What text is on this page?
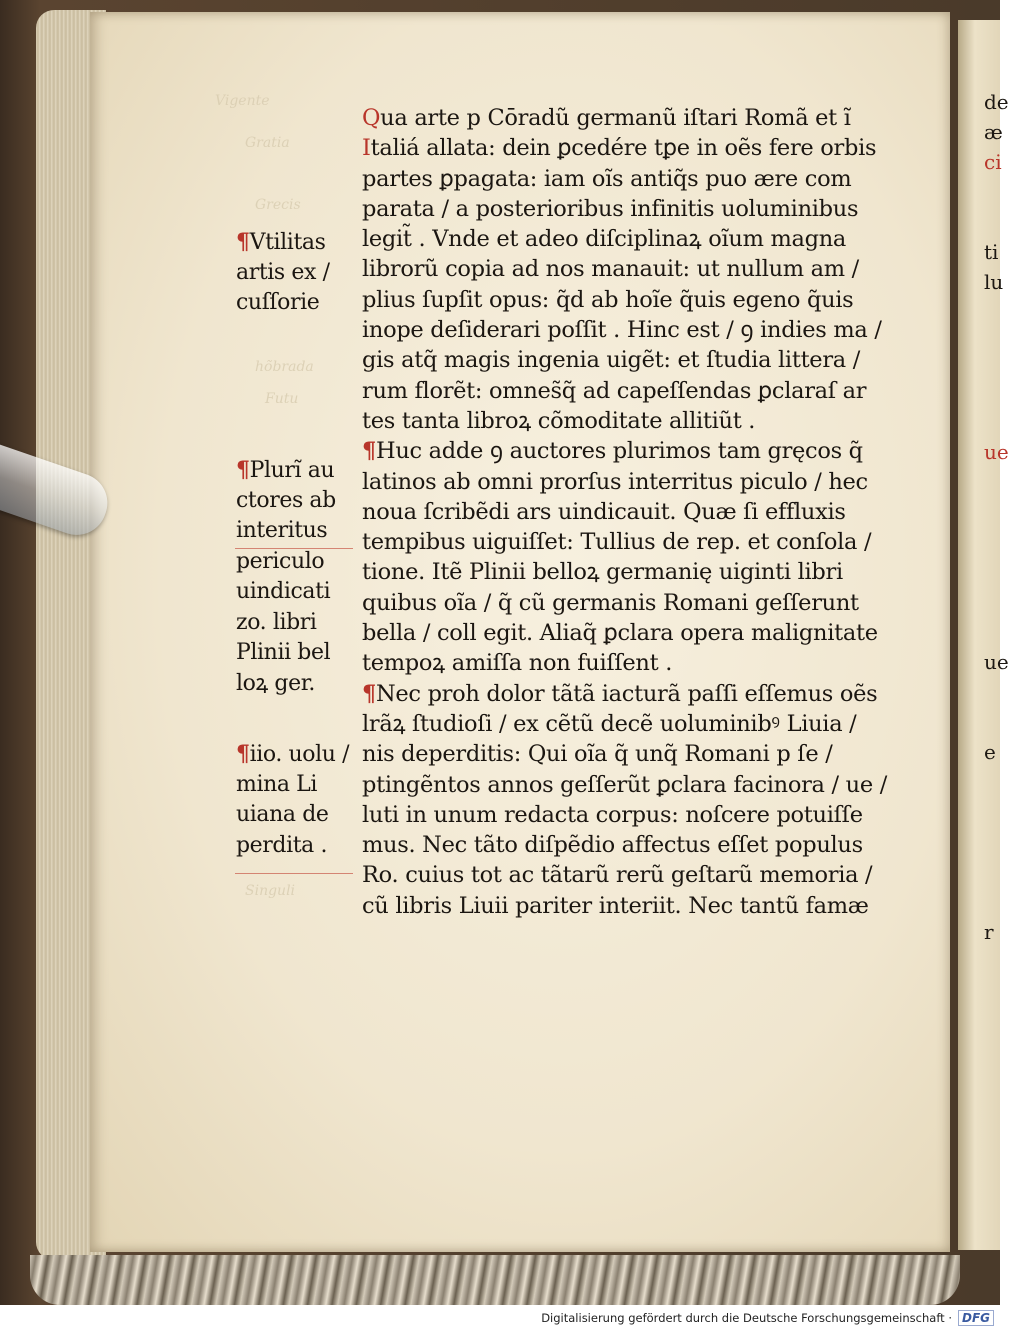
Vigente
Gratia
Grecis
hõbrada
Futu
Singuli
de
æ
ci
ti
lu
ue
ue
e
r
Qua arte p Cōradũ germanũ iſtari Romã et ĩ
Italiá allata: dein ꝑcedére tꝑe in oẽs fere orbis
partes ꝑpagata: iam oĩs antiq̃s puo ære com
parata / a posterioribus infinitis uoluminibus
legit̃ . Vnde et adeo diſciplinaꝝ oĩum magna
librorũ copia ad nos manauit: ut nullum am /
plius ſupſit opus: q̃d ab hoĩe q̃uis egeno q̃uis
inope deſiderari poſſit . Hinc est / ꝯ indies ma /
gis atq̃ magis ingenia uigẽt: et ſtudia littera /
rum florẽt: omnes̃q̃ ad capeſſendas ꝑclaraſ ar
tes tanta libroꝝ cõmoditate allitiũt .
¶Huc adde ꝯ auctores plurimos tam gręcos q̃
latinos ab omni prorſus interritus piculo / hec
noua ſcribẽdi ars uindicauit. Quæ ſi effluxis
tempibus uiguiſſet: Tullius de rep. et conſola /
tione. Itẽ Plinii belloꝝ germanię uiginti libri
quibus oĩa / q̃ cũ germanis Romani geſſerunt
bella / coll egit. Aliaq̃ ꝑclara opera malignitate
tempoꝝ amiſſa non fuiſſent .
¶Nec proh dolor tãtã iacturã paſſi eſſemus oẽs
lrãꝝ ſtudioſi / ex cẽtũ decẽ uoluminibꝰ Liuia /
nis deperditis: Qui oĩa q̃ unq̃ Romani p ſe /
ptingẽntos annos geſſerũt ꝑclara facinora / ue /
luti in unum redacta corpus: noſcere potuiſſe
mus. Nec tãto diſpẽdio affectus eſſet populus
Ro. cuius tot ac tãtarũ rerũ geſtarũ memoria /
cũ libris Liuii pariter interiit. Nec tantũ famæ
¶Vtilitas
artis ex /
cuſſorie
¶Plurĩ au
ctores ab
interitus
periculo
uindicati
zo. libri
Plinii bel
loꝝ ger.
¶iio. uolu /
mina Li
uiana de
perdita .
Digitalisierung gefördert durch die Deutsche Forschungsgemeinschaft · DFG
